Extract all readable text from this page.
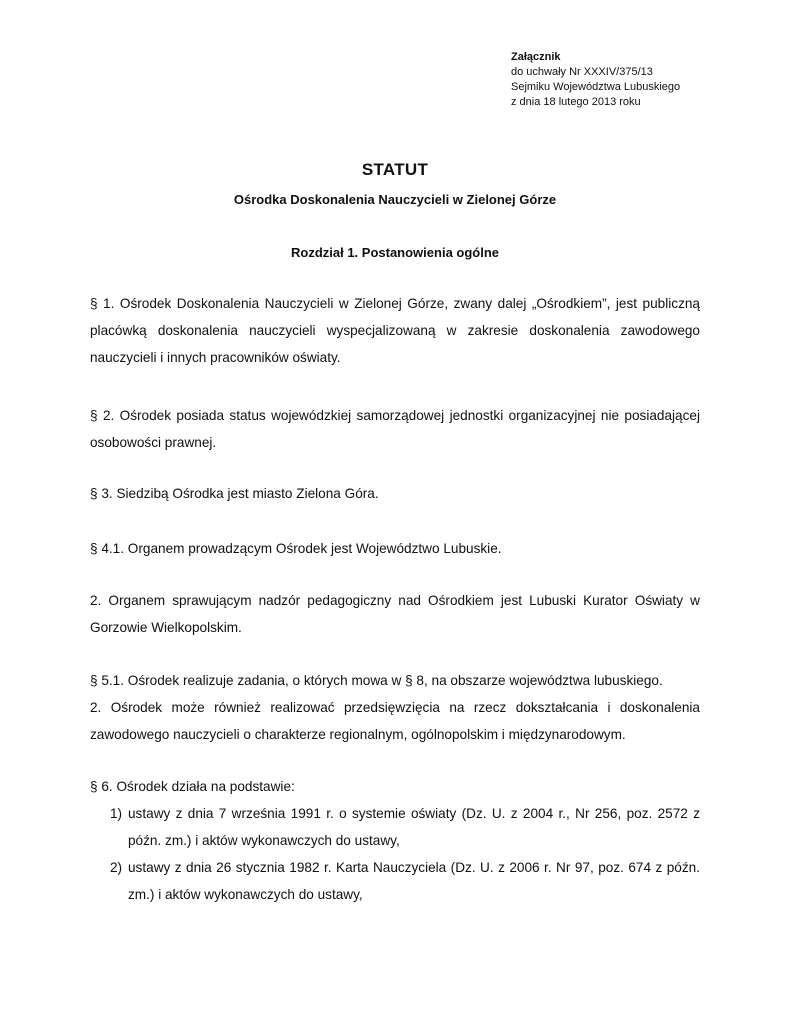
Załącznik
do uchwały Nr XXXIV/375/13
Sejmiku Województwa Lubuskiego
z dnia 18 lutego 2013 roku
STATUT
Ośrodka Doskonalenia Nauczycieli w Zielonej Górze
Rozdział 1. Postanowienia ogólne

§ 1. Ośrodek Doskonalenia Nauczycieli w Zielonej Górze, zwany dalej „Ośrodkiem”, jest publiczną placówką doskonalenia nauczycieli wyspecjalizowaną w zakresie doskonalenia zawodowego nauczycieli i innych pracowników oświaty.

§ 2. Ośrodek posiada status wojewódzkiej samorządowej jednostki organizacyjnej nie posiadającej osobowości prawnej.

§ 3. Siedzibą Ośrodka jest miasto Zielona Góra.

§ 4.1. Organem prowadzącym Ośrodek jest Województwo Lubuskie.

2. Organem sprawującym nadzór pedagogiczny nad Ośrodkiem jest Lubuski Kurator Oświaty w Gorzowie Wielkopolskim.

§ 5.1. Ośrodek realizuje zadania, o których mowa w § 8, na obszarze województwa lubuskiego.

2. Ośrodek może również realizować przedsięwzięcia na rzecz dokształcania i doskonalenia zawodowego nauczycieli o charakterze regionalnym, ogólnopolskim i międzynarodowym.

§ 6. Ośrodek działa na podstawie:

1) ustawy z dnia 7 września 1991 r. o systemie oświaty (Dz. U. z 2004 r., Nr 256, poz. 2572 z późn. zm.) i aktów wykonawczych do ustawy,
2) ustawy z dnia 26 stycznia 1982 r. Karta Nauczyciela (Dz. U. z 2006 r. Nr 97, poz. 674 z późn. zm.) i aktów wykonawczych do ustawy,
